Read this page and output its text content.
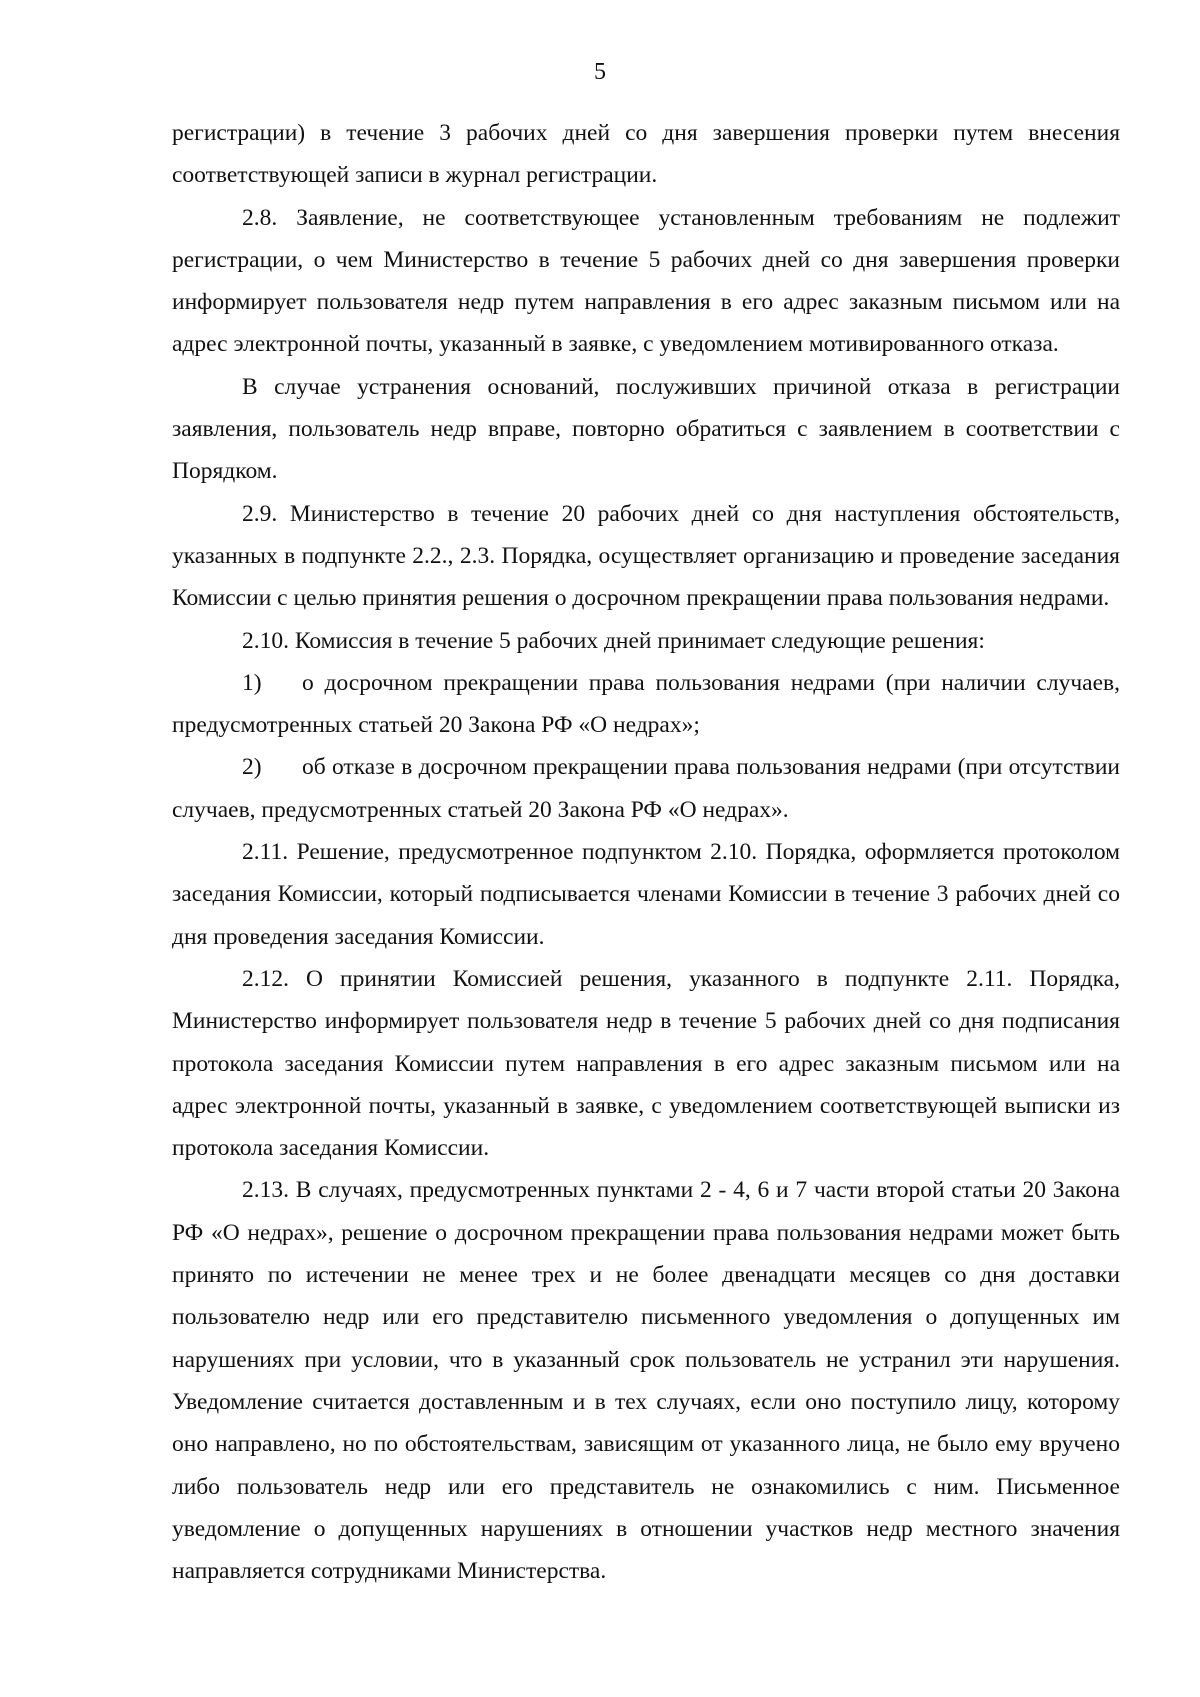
5

регистрации) в течение 3 рабочих дней со дня завершения проверки путем внесения соответствующей записи в журнал регистрации.

2.8. Заявление, не соответствующее установленным требованиям не подлежит регистрации, о чем Министерство в течение 5 рабочих дней со дня завершения проверки информирует пользователя недр путем направления в его адрес заказным письмом или на адрес электронной почты, указанный в заявке, с уведомлением мотивированного отказа.

В случае устранения оснований, послуживших причиной отказа в регистрации заявления, пользователь недр вправе, повторно обратиться с заявлением в соответствии с Порядком.

2.9. Министерство в течение 20 рабочих дней со дня наступления обстоятельств, указанных в подпункте 2.2., 2.3. Порядка, осуществляет организацию и проведение заседания Комиссии с целью принятия решения о досрочном прекращении права пользования недрами.

2.10. Комиссия в течение 5 рабочих дней принимает следующие решения:

1) о досрочном прекращении права пользования недрами (при наличии случаев, предусмотренных статьей 20 Закона РФ «О недрах»;

2) об отказе в досрочном прекращении права пользования недрами (при отсутствии случаев, предусмотренных статьей 20 Закона РФ «О недрах».

2.11. Решение, предусмотренное подпунктом 2.10. Порядка, оформляется протоколом заседания Комиссии, который подписывается членами Комиссии в течение 3 рабочих дней со дня проведения заседания Комиссии.

2.12. О принятии Комиссией решения, указанного в подпункте 2.11. Порядка, Министерство информирует пользователя недр в течение 5 рабочих дней со дня подписания протокола заседания Комиссии путем направления в его адрес заказным письмом или на адрес электронной почты, указанный в заявке, с уведомлением соответствующей выписки из протокола заседания Комиссии.

2.13. В случаях, предусмотренных пунктами 2 - 4, 6 и 7 части второй статьи 20 Закона РФ «О недрах», решение о досрочном прекращении права пользования недрами может быть принято по истечении не менее трех и не более двенадцати месяцев со дня доставки пользователю недр или его представителю письменного уведомления о допущенных им нарушениях при условии, что в указанный срок пользователь не устранил эти нарушения. Уведомление считается доставленным и в тех случаях, если оно поступило лицу, которому оно направлено, но по обстоятельствам, зависящим от указанного лица, не было ему вручено либо пользователь недр или его представитель не ознакомились с ним. Письменное уведомление о допущенных нарушениях в отношении участков недр местного значения направляется сотрудниками Министерства.
